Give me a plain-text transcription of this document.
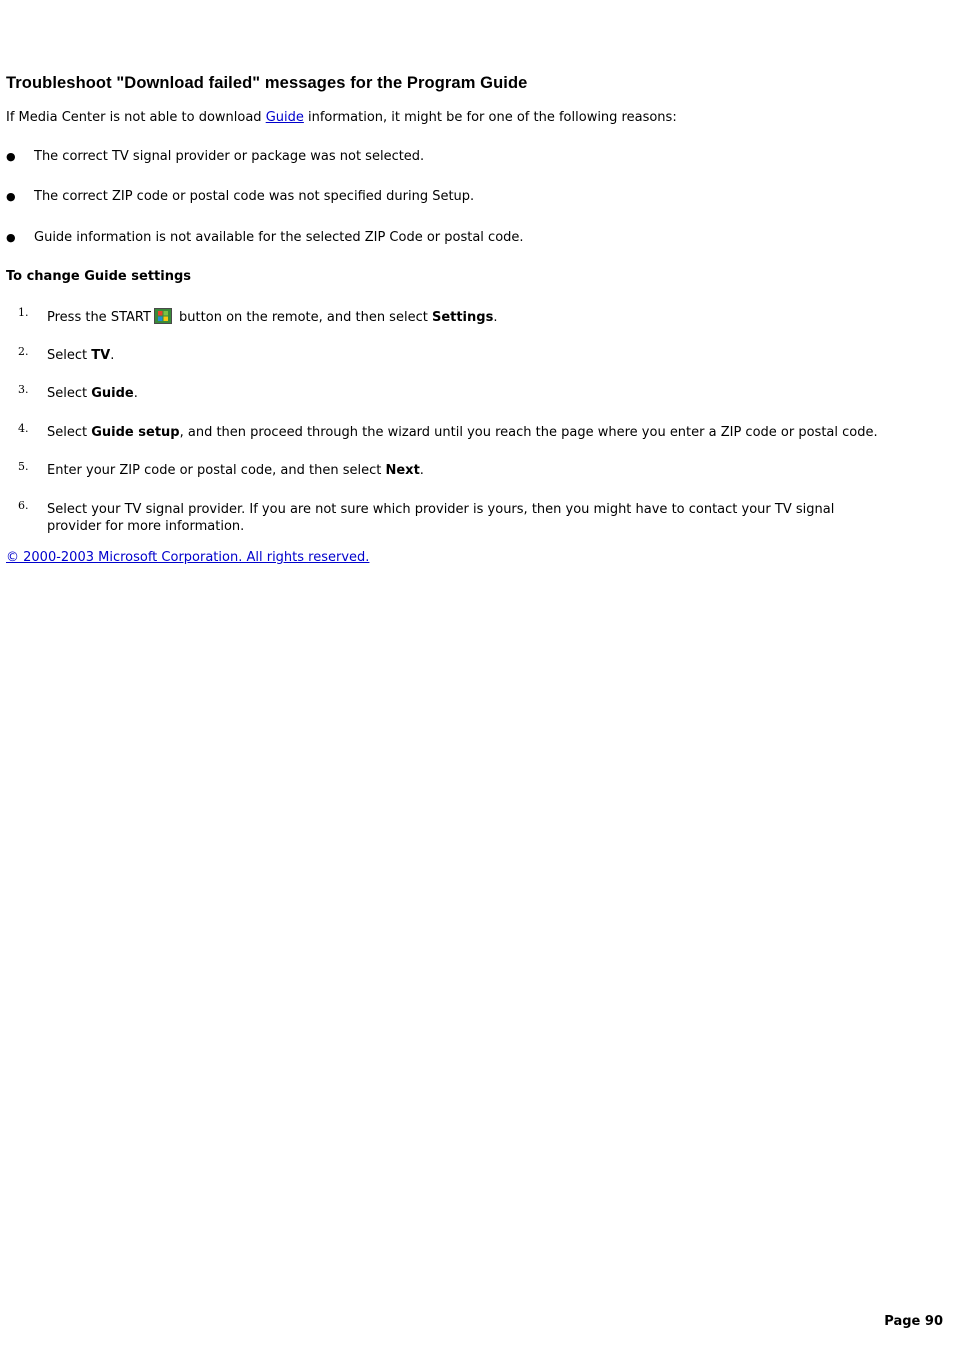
Troubleshoot "Download failed" messages for the Program Guide

If Media Center is not able to download Guide information, it might be for one of the following reasons:

●	The correct TV signal provider or package was not selected.
●	The correct ZIP code or postal code was not specified during Setup.
●	Guide information is not available for the selected ZIP Code or postal code.

To change Guide settings

1.	Press the START
button on the remote, and then select Settings.
2.	Select TV.
3.	Select Guide.
4.	Select Guide setup, and then proceed through the wizard until you reach the page where you enter a ZIP code or postal code.
5.	Enter your ZIP code or postal code, and then select Next.
6.	Select your TV signal provider. If you are not sure which provider is yours, then you might have to contact your TV signal provider for more information.

© 2000-2003 Microsoft Corporation. All rights reserved.

Page 90
